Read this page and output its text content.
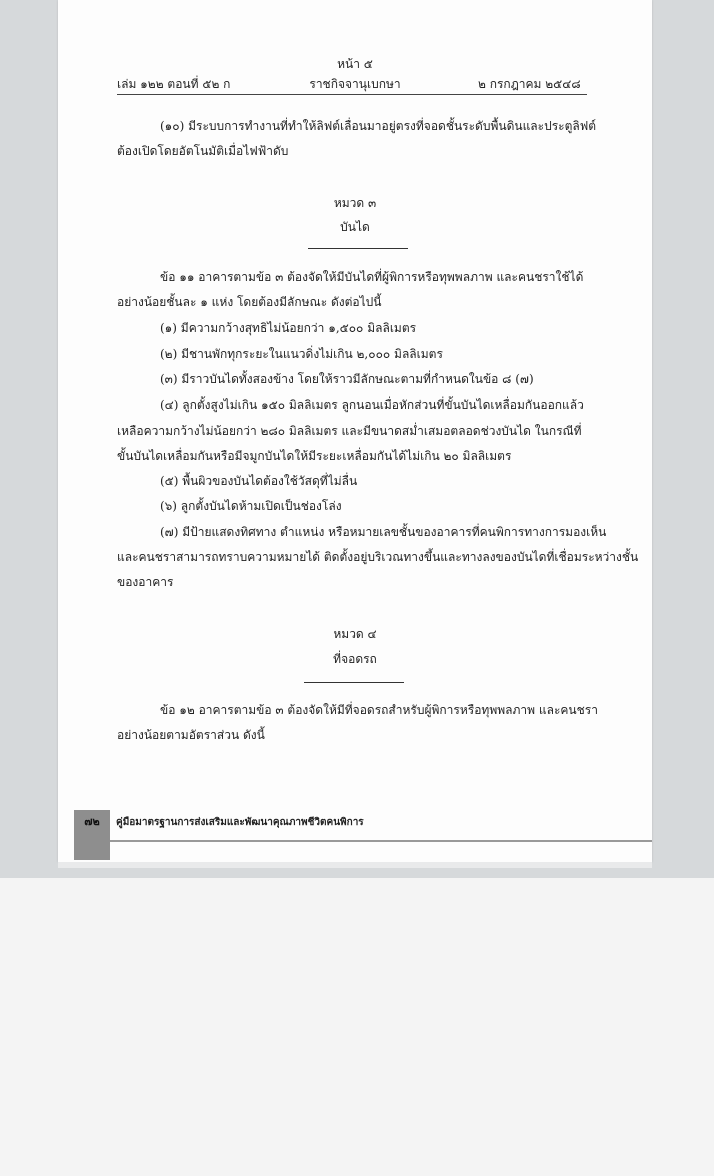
หน้า ๕
เล่ม ๑๒๒ ตอนที่ ๕๒ ก	ราชกิจจานุเบกษา	๒ กรกฎาคม ๒๕๔๘
(๑๐) มีระบบการทำงานที่ทำให้ลิฟต์เลื่อนมาอยู่ตรงที่จอดชั้นระดับพื้นดินและประตูลิฟต์
ต้องเปิดโดยอัตโนมัติเมื่อไฟฟ้าดับ
หมวด ๓
บันได
ข้อ ๑๑ อาคารตามข้อ ๓ ต้องจัดให้มีบันไดที่ผู้พิการหรือทุพพลภาพ และคนชราใช้ได้
อย่างน้อยชั้นละ ๑ แห่ง โดยต้องมีลักษณะ ดังต่อไปนี้
(๑) มีความกว้างสุทธิไม่น้อยกว่า ๑,๕๐๐ มิลลิเมตร
(๒) มีชานพักทุกระยะในแนวดิ่งไม่เกิน ๒,๐๐๐ มิลลิเมตร
(๓) มีราวบันไดทั้งสองข้าง โดยให้ราวมีลักษณะตามที่กำหนดในข้อ ๘ (๗)
(๔) ลูกตั้งสูงไม่เกิน ๑๕๐ มิลลิเมตร ลูกนอนเมื่อหักส่วนที่ขั้นบันไดเหลื่อมกันออกแล้ว
เหลือความกว้างไม่น้อยกว่า ๒๘๐ มิลลิเมตร และมีขนาดสม่ำเสมอตลอดช่วงบันได ในกรณีที่
ขั้นบันไดเหลื่อมกันหรือมีจมูกบันไดให้มีระยะเหลื่อมกันได้ไม่เกิน ๒๐ มิลลิเมตร
(๕) พื้นผิวของบันไดต้องใช้วัสดุที่ไม่ลื่น
(๖) ลูกตั้งบันไดห้ามเปิดเป็นช่องโล่ง
(๗) มีป้ายแสดงทิศทาง ตำแหน่ง หรือหมายเลขชั้นของอาคารที่คนพิการทางการมองเห็น
และคนชราสามารถทราบความหมายได้ ติดตั้งอยู่บริเวณทางขึ้นและทางลงของบันไดที่เชื่อมระหว่างชั้น
ของอาคาร
หมวด ๔
ที่จอดรถ
ข้อ ๑๒ อาคารตามข้อ ๓ ต้องจัดให้มีที่จอดรถสำหรับผู้พิการหรือทุพพลภาพ และคนชรา
อย่างน้อยตามอัตราส่วน ดังนี้
๗๒	คู่มือมาตรฐานการส่งเสริมและพัฒนาคุณภาพชีวิตคนพิการ
